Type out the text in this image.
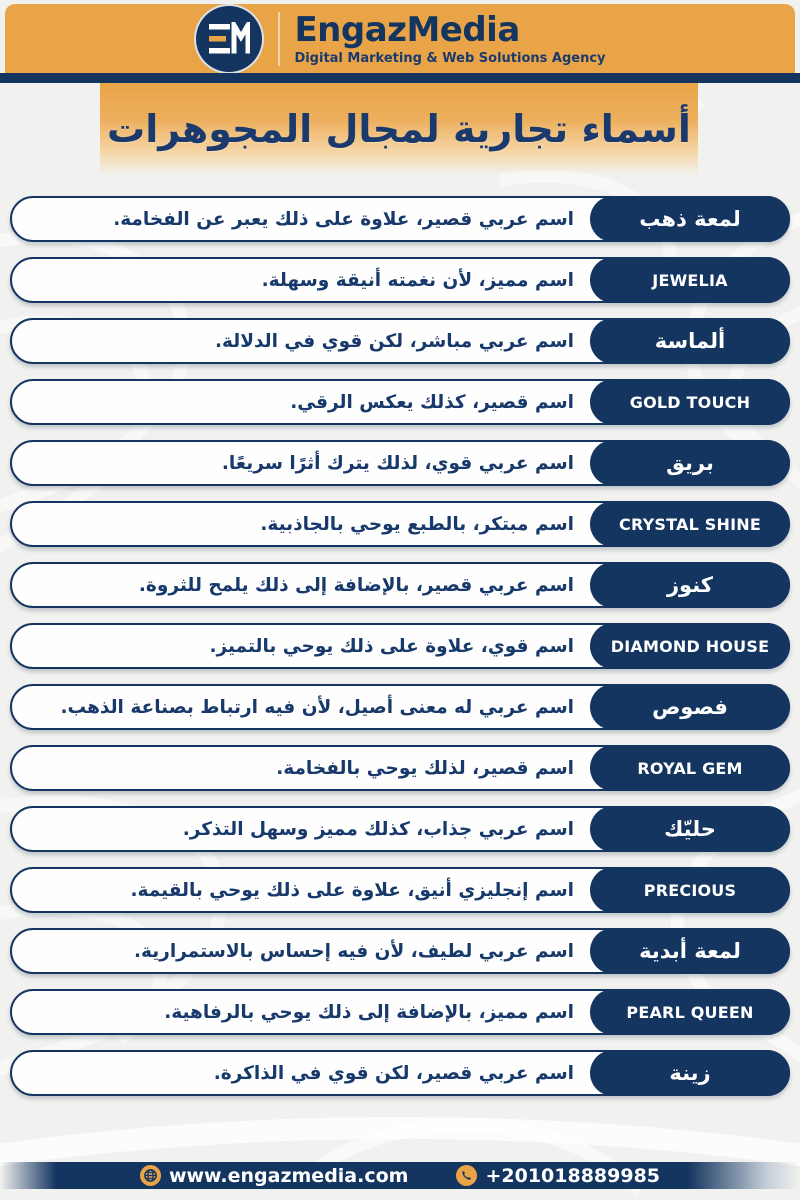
EngazMedia
Digital Marketing & Web Solutions Agency
أسماء تجارية لمجال المجوهرات
اسم عربي قصير، علاوة على ذلك يعبر عن الفخامة.	لمعة ذهب
اسم مميز، لأن نغمته أنيقة وسهلة.	JEWELIA
اسم عربي مباشر، لكن قوي في الدلالة.	ألماسة
اسم قصير، كذلك يعكس الرقي.	GOLD TOUCH
اسم عربي قوي، لذلك يترك أثرًا سريعًا.	بريق
اسم مبتكر، بالطبع يوحي بالجاذبية.	CRYSTAL SHINE
اسم عربي قصير، بالإضافة إلى ذلك يلمح للثروة.	كنوز
اسم قوي، علاوة على ذلك يوحي بالتميز.	DIAMOND HOUSE
اسم عربي له معنى أصيل، لأن فيه ارتباط بصناعة الذهب.	فصوص
اسم قصير، لذلك يوحي بالفخامة.	ROYAL GEM
اسم عربي جذاب، كذلك مميز وسهل التذكر.	حليّك
اسم إنجليزي أنيق، علاوة على ذلك يوحي بالقيمة.	PRECIOUS
اسم عربي لطيف، لأن فيه إحساس بالاستمرارية.	لمعة أبدية
اسم مميز، بالإضافة إلى ذلك يوحي بالرفاهية.	PEARL QUEEN
اسم عربي قصير، لكن قوي في الذاكرة.	زينة
www.engazmedia.com	+201018889985
